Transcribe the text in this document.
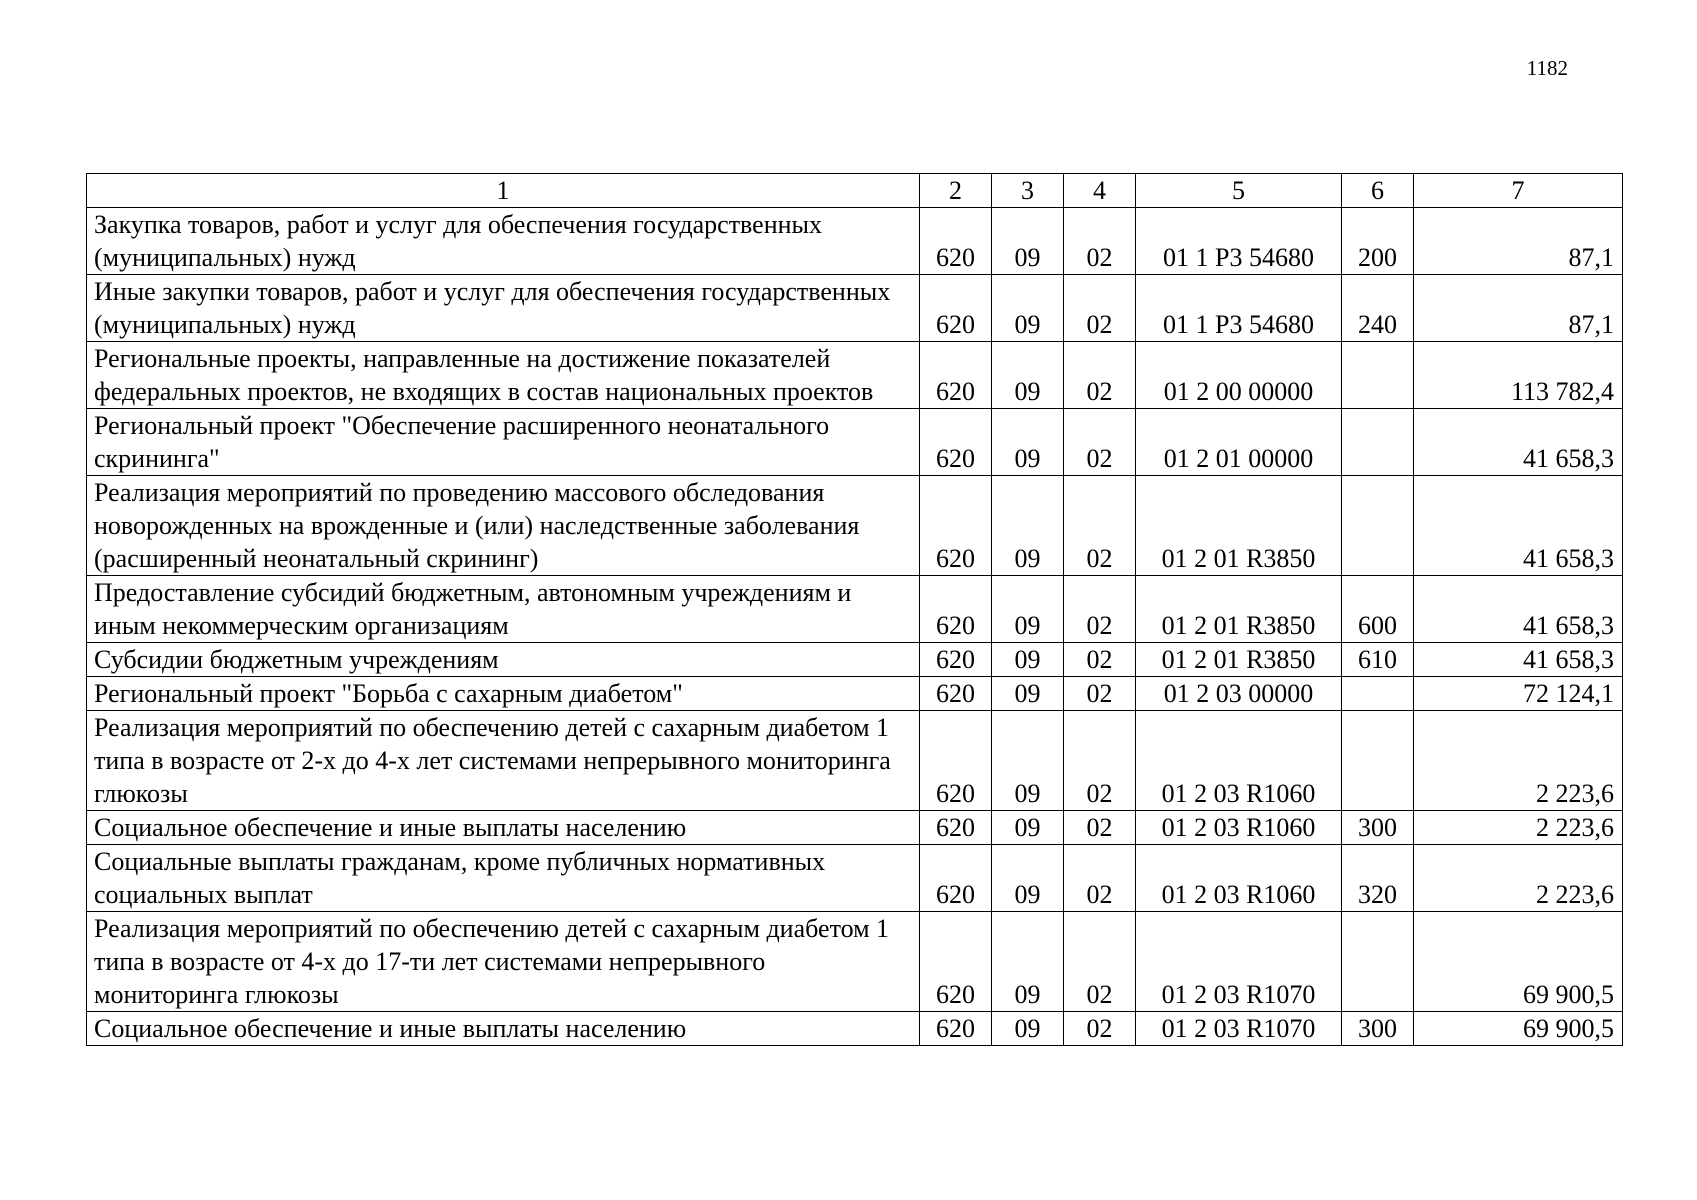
1182
1	2	3	4	5	6	7
Закупка товаров, работ и услуг для обеспечения государственных (муниципальных) нужд	620	09	02	01 1 Р3 54680	200	87,1
Иные закупки товаров, работ и услуг для обеспечения государственных (муниципальных) нужд	620	09	02	01 1 Р3 54680	240	87,1
Региональные проекты, направленные на достижение показателей федеральных проектов, не входящих в состав национальных проектов	620	09	02	01 2 00 00000		113 782,4
Региональный проект "Обеспечение расширенного неонатального скрининга"	620	09	02	01 2 01 00000		41 658,3
Реализация мероприятий по проведению массового обследования новорожденных на врожденные и (или) наследственные заболевания (расширенный неонатальный скрининг)	620	09	02	01 2 01 R3850		41 658,3
Предоставление субсидий бюджетным, автономным учреждениям и иным некоммерческим организациям	620	09	02	01 2 01 R3850	600	41 658,3
Субсидии бюджетным учреждениям	620	09	02	01 2 01 R3850	610	41 658,3
Региональный проект "Борьба с сахарным диабетом"	620	09	02	01 2 03 00000		72 124,1
Реализация мероприятий по обеспечению детей с сахарным диабетом 1 типа в возрасте от 2-х до 4-х лет системами непрерывного мониторинга глюкозы	620	09	02	01 2 03 R1060		2 223,6
Социальное обеспечение и иные выплаты населению	620	09	02	01 2 03 R1060	300	2 223,6
Социальные выплаты гражданам, кроме публичных нормативных социальных выплат	620	09	02	01 2 03 R1060	320	2 223,6
Реализация мероприятий по обеспечению детей с сахарным диабетом 1 типа в возрасте от 4-х до 17-ти лет системами непрерывного мониторинга глюкозы	620	09	02	01 2 03 R1070		69 900,5
Социальное обеспечение и иные выплаты населению	620	09	02	01 2 03 R1070	300	69 900,5
